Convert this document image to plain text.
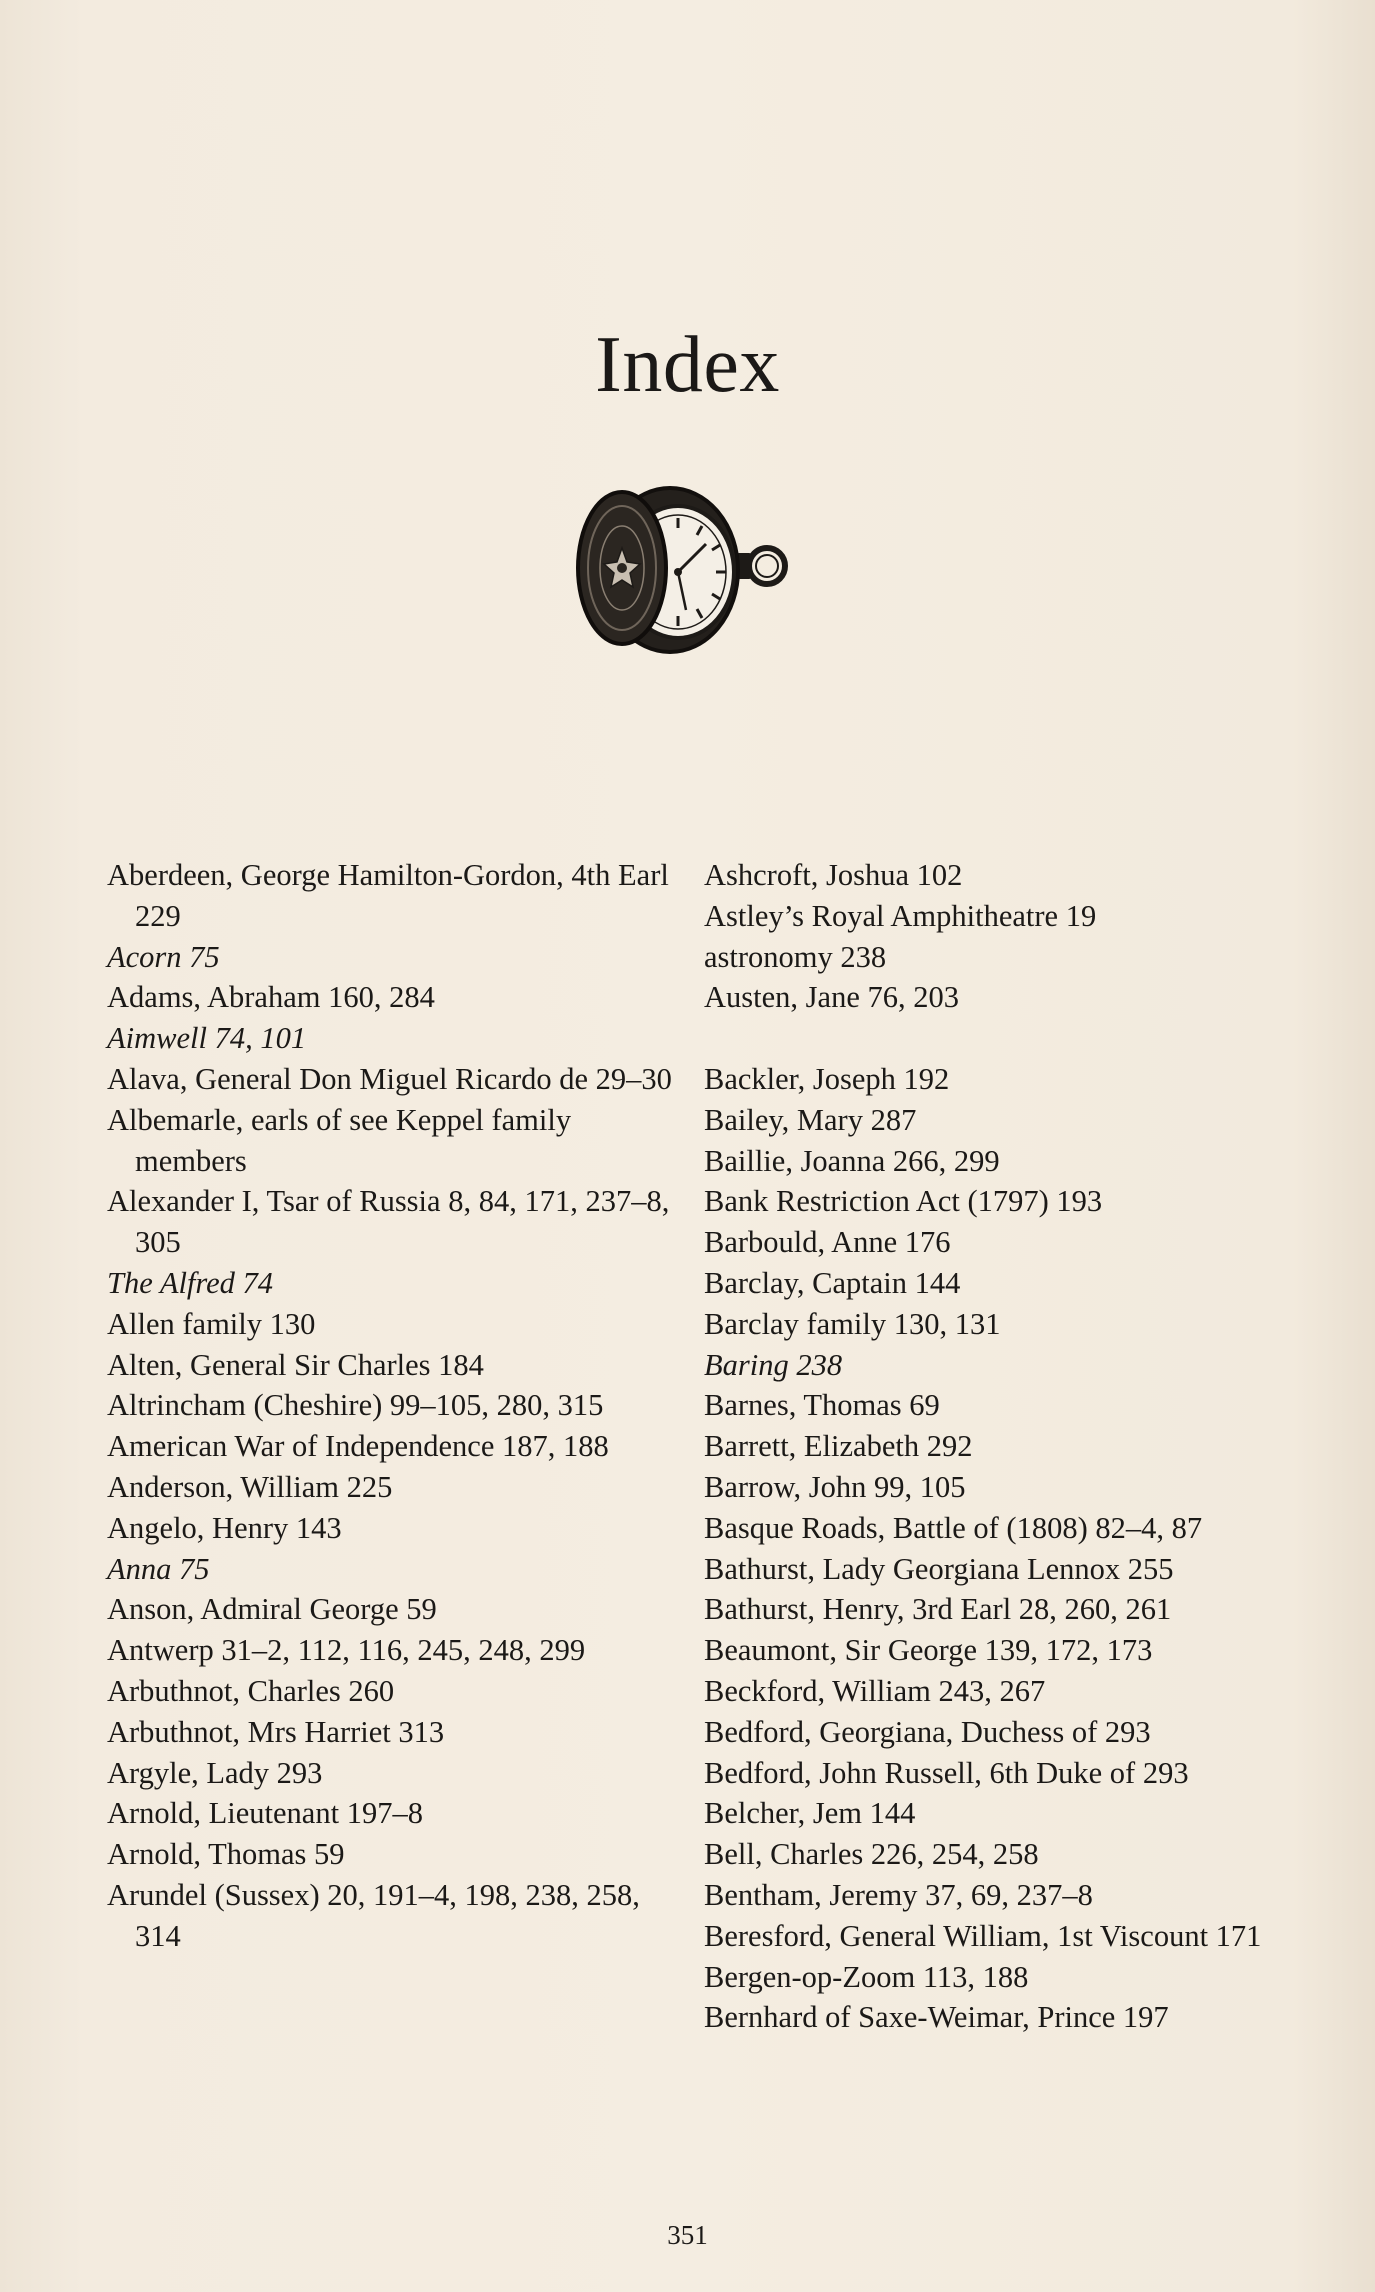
Index
Aberdeen, George Hamilton-Gordon, 4th Earl 229
Acorn 75
Adams, Abraham 160, 284
Aimwell 74, 101
Alava, General Don Miguel Ricardo de 29–30
Albemarle, earls of see Keppel family members
Alexander I, Tsar of Russia 8, 84, 171, 237–8, 305
The Alfred 74
Allen family 130
Alten, General Sir Charles 184
Altrincham (Cheshire) 99–105, 280, 315
American War of Independence 187, 188
Anderson, William 225
Angelo, Henry 143
Anna 75
Anson, Admiral George 59
Antwerp 31–2, 112, 116, 245, 248, 299
Arbuthnot, Charles 260
Arbuthnot, Mrs Harriet 313
Argyle, Lady 293
Arnold, Lieutenant 197–8
Arnold, Thomas 59
Arundel (Sussex) 20, 191–4, 198, 238, 258, 314
Ashcroft, Joshua 102
Astley’s Royal Amphitheatre 19
astronomy 238
Austen, Jane 76, 203
Backler, Joseph 192
Bailey, Mary 287
Baillie, Joanna 266, 299
Bank Restriction Act (1797) 193
Barbould, Anne 176
Barclay, Captain 144
Barclay family 130, 131
Baring 238
Barnes, Thomas 69
Barrett, Elizabeth 292
Barrow, John 99, 105
Basque Roads, Battle of (1808) 82–4, 87
Bathurst, Lady Georgiana Lennox 255
Bathurst, Henry, 3rd Earl 28, 260, 261
Beaumont, Sir George 139, 172, 173
Beckford, William 243, 267
Bedford, Georgiana, Duchess of 293
Bedford, John Russell, 6th Duke of 293
Belcher, Jem 144
Bell, Charles 226, 254, 258
Bentham, Jeremy 37, 69, 237–8
Beresford, General William, 1st Viscount 171
Bergen-op-Zoom 113, 188
Bernhard of Saxe-Weimar, Prince 197
351
